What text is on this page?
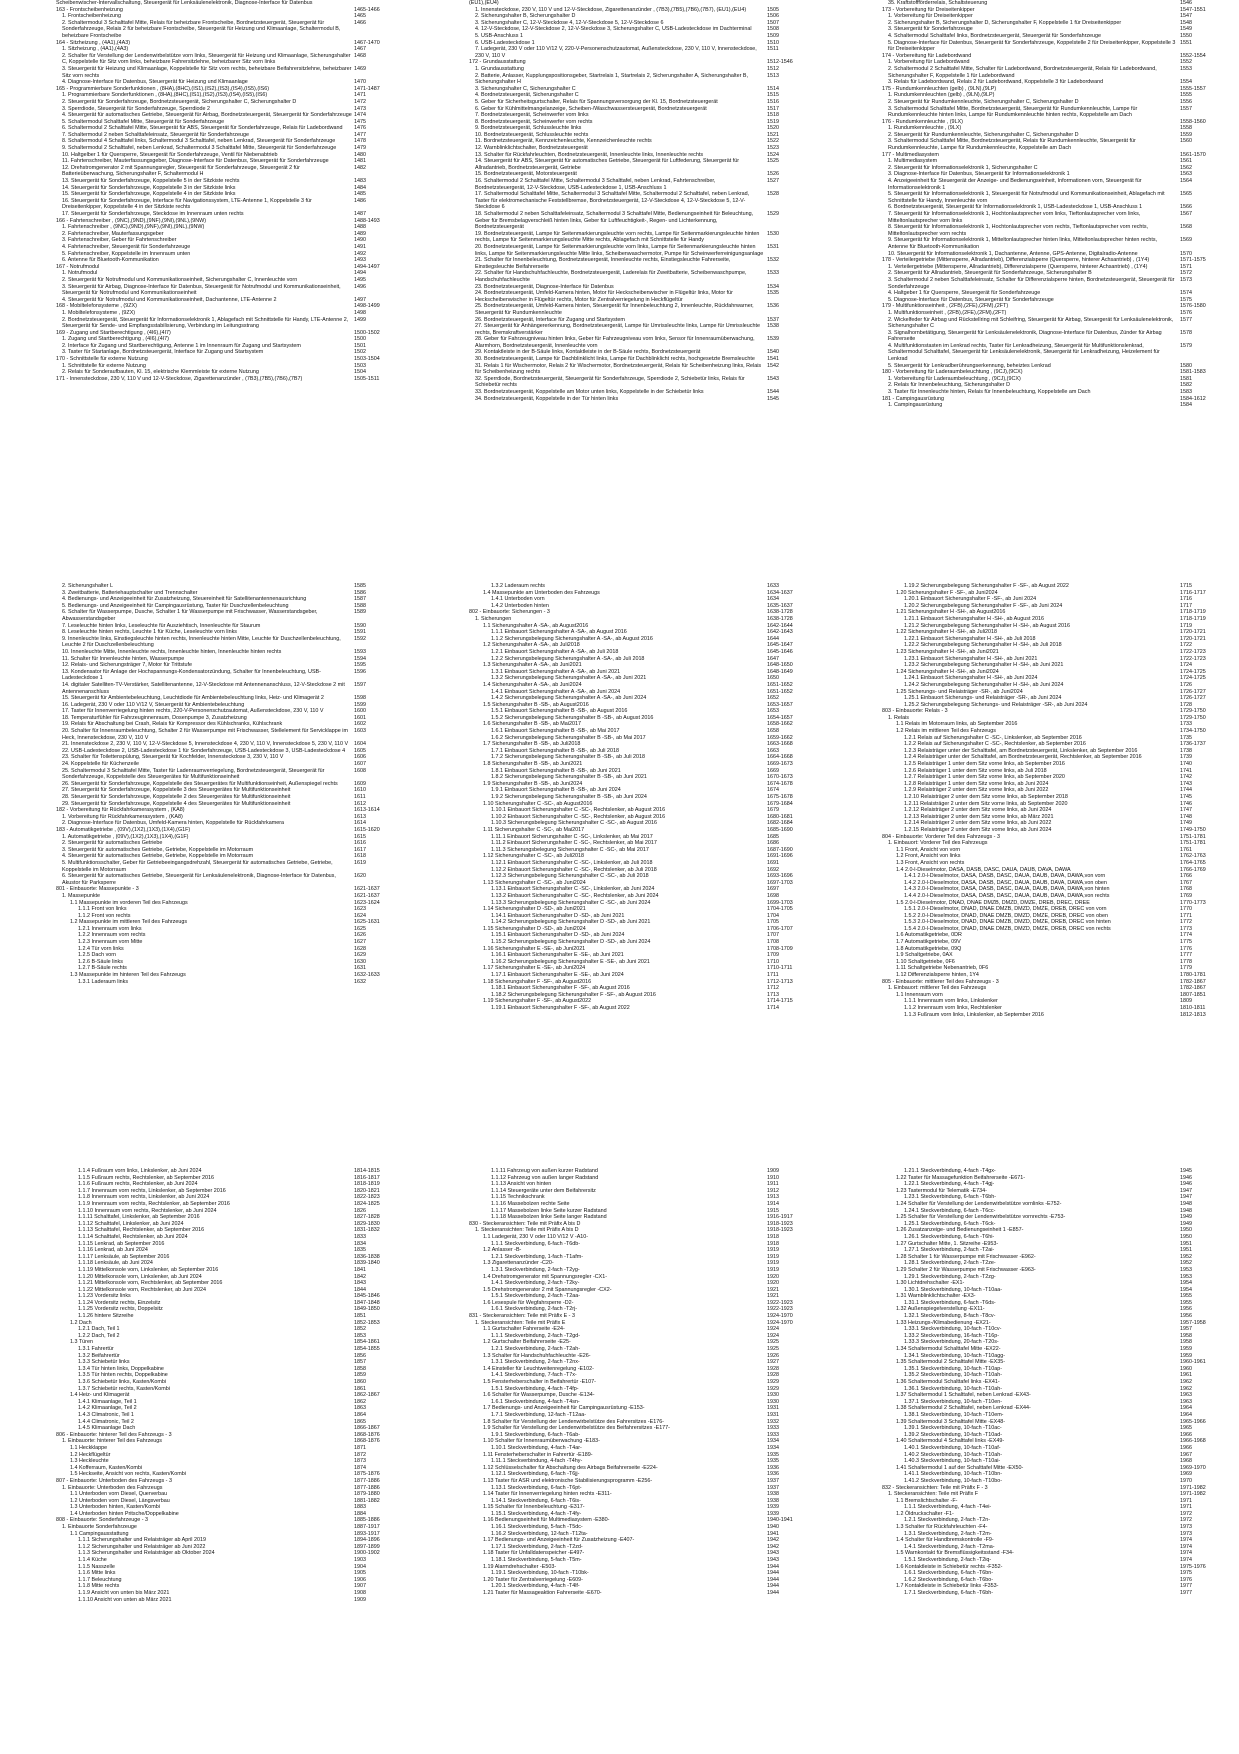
Scheibenwischer-Intervallschaltung, Steuergerät für Lenksäulenelektronik, Diagnose-Interface für Datenbus
163 - Frontscheibenheizung	1465-1466
1. Frontscheibenheizung	1465
2. Schaltermodul 3 Schalttafel Mitte, Relais für beheizbare Frontscheibe, Bordnetzsteuergerät, Steuergerät für Sonderfahrzeuge, Relais 2 für beheizbare Frontscheibe, Steuergerät für Heizung und Klimaanlage, Schaltermodul B, beheizbare Frontscheibe
1466
164 - Sitzheizung , (4A1),(4A3)	1467-1470
1. Sitzheizung , (4A1),(4A3)	1467
2. Schalter für Verstellung der Lendenwirbelstütze vorn links, Steuergerät für Heizung und Klimaanlage, Sicherungshalter C, Koppelstelle für Sitz vorn links, beheizbare Fahrersitzlehne, beheizbarer Sitz vorn links
1468
3. Steuergerät für Heizung und Klimaanlage, Koppelstelle für Sitz vorn rechts, beheizbare Beifahrersitzlehne, beheizbarer Sitz vorn rechts
1469
4. Diagnose-Interface für Datenbus, Steuergerät für Heizung und Klimaanlage	1470
165 - Programmierbare Sonderfunktionen , (8HA),(8HC),(IS1),(IS2),(IS3),(IS4),(IS5),(IS6)	1471-1487
1. Programmierbare Sonderfunktionen , (8HA),(8HC),(IS1),(IS2),(IS3),(IS4),(IS5),(IS6)	1471
2. Steuergerät für Sonderfahrzeuge, Bordnetzsteuergerät, Sicherungshalter C, Sicherungshalter D	1472
3. Sperrdiode, Steuergerät für Sonderfahrzeuge, Sperrdiode 2	1473
4. Steuergerät für automatisches Getriebe, Steuergerät für Airbag, Bordnetzsteuergerät, Steuergerät für Sonderfahrzeuge 1474
5. Schaltermodul Schalttafel Mitte, Steuergerät für Sonderfahrzeuge	1475
6. Schaltermodul 2 Schalttafel Mitte, Steuergerät für ABS, Steuergerät für Sonderfahrzeuge, Relais für Ladebordwand	1476
7. Schaltermodul 2 neben Schalttafeleinsatz, Steuergerät für Sonderfahrzeuge	1477
8. Schaltermodul 4 Schalttafel links, Schaltermodul 3 Schalttafel, neben Lenkrad, Steuergerät für Sonderfahrzeuge	1478
9. Schaltermodul 2 Schalttafel, neben Lenkrad, Schaltermodul 3 Schalttafel Mitte, Steuergerät für Sonderfahrzeuge	1479
10. Haltgelber 1 für Quersperre, Steuergerät für Sonderfahrzeuge, Ventil für Niebenabtrieb	1480
11. Fahrtenschreiber, Mauterfassungsgeber, Diagnose-Interface für Datenbus, Steuergerät für Sonderfahrzeuge	1481
12. Drehstromgenerator 2 mit Spannungsregler, Steuergerät für Sonderfahrzeuge, Steuergerät 2 für Batterieüberwachung, Sicherungshalter F, Schaltermodul H
1482
13. Steuergerät für Sonderfahrzeuge, Koppelstelle 5 in der Sitzkiste rechts	1483
14. Steuergerät für Sonderfahrzeuge, Koppelstelle 3 in der Sitzkiste links	1484
15. Steuergerät für Sonderfahrzeuge, Koppelstelle 4 in der Sitzkiste links	1485
16. Steuergerät für Sonderfahrzeuge, Interface für Navigationssystem, LTE-Antenne 1, Koppelstelle 3 für Dreiseitenkipper, Koppelstelle 4 in der Sitzkiste rechts
1486
17. Steuergerät für Sonderfahrzeuge, Steckdose im Innenraum unten rechts	1487
166 - Fahrtenschreiber , (9NC),(9ND),(9NF),(9NI),(9NL),(9NW)	1488-1493
1. Fahrtenschreiber , (9NC),(9ND),(9NF),(9NI),(9NL),(9NW)	1488
2. Fahrtenschreiber, Mauterfassungsgeber	1489
3. Fahrtenschreiber, Geber für Fahrtenschreiber	1490
4. Fahrtenschreiber, Steuergerät für Sonderfahrzeuge	1491
5. Fahrtenschreiber, Koppelstelle im Innenraum unten	1492
6. Antenne für Bluetooth-Kommunikation	1493
167 - Notrufmodul	1494-1497
1. Notrufmodul	1494
2. Steuergerät für Notrufmodul und Kommunikationseinheit, Sicherungshalter C, Innenleuchte vorn	1495
3. Steuergerät für Airbag, Diagnose-Interface für Datenbus, Steuergerät für Notrufmodul und Kommunikationseinheit, Steuergerät für Notrufmodul und Kommunikationseinheit
1496
4. Steuergerät für Notrufmodul und Kommunikationseinheit, Dachantenne, LTE-Antenne 2	1497
168 - Mobiltelefonsysteme , (9ZX)	1498-1499
1. Mobiltelefonsysteme , (9ZX)	1498
2. Bordnetzsteuergerät, Steuergerät für Informationselektronik 1, Ablagefach mit Schnittstelle für Handy, LTE-Antenne 2, Steuergerät für Sende- und Empfangsstabilisierung, Verbindung im Leitungsstrang
1499
169 - Zugang und Startberechtigung , (4I6),(4I7)	1500-1502
1. Zugang und Startberechtigung , (4I6),(4I7)	1500
2. Interface für Zugang und Startberechtigung, Antenne 1 im Innenraum für Zugang und Startsystem	1501
3. Taster für Startanlage, Bordnetzsteuergerät, Interface für Zugang und Startsystem	1502
170 - Schnittstelle für externe Nutzung	1503-1504
1. Schnittstelle für externe Nutzung	1503
2. Relais für Sonderaufbauten, Kl. 15, elektrische Klemmleiste für externe Nutzung	1504
171 - Innensteckdose, 230 V, 110 V und 12-V-Steckdose, Zigarettenanzünder , (7B3),(7B5),(7B6),(7B7)	1505-1511
(EU1),(EU4)
1. Innensteckdose, 230 V, 110 V und 12-V-Steckdose, Zigarettenanzünder , (7B3),(7B5),(7B6),(7B7), (EU1),(EU4)	1505
2. Sicherungshalter B, Sicherungshalter D	1506
3. Sicherungshalter C, 12-V-Steckdose 4, 12-V-Steckdose 5, 12-V-Steckdose 6	1507
4. 12-V-Steckdose, 12-V-Steckdose 2, 12-V-Steckdose 3, Sicherungshalter C, USB-Ladesteckdose im Dachterminal	1508
5. USB-Anschluss 1	1509
6. USB-Ladesteckdose 1	1510
7. Ladegerät, 230 V oder 110 V/12 V, 220-V-Personenschutzautomat, Außensteckdose, 230 V, 110 V, Innensteckdose, 230 V, 110 V
1511
172 - Grundausstattung	1512-1546
1. Grundausstattung	1512
2. Batterie, Anlasser, Kupplungspositionsgeber, Startrelais 1, Startrelais 2, Sicherungshalter A, Sicherungshalter B, Sicherungshalter H
1513
3. Sicherungshalter C, Sicherungshalter C	1514
4. Bordnetzsteuergerät, Sicherungshalter C	1515
5. Geber für Sicherheitsgurtschalter, Relais für Spannungsversorgung der Kl. 15, Bordnetzsteuergerät	1516
6. Geber für Kühlmittelmangelanzeige, Scheiben-/Waschwassersteuergerät, Bordnetzsteuergerät	1517
7. Bordnetzsteuergerät, Scheinwerfer vorn links	1518
8. Bordnetzsteuergerät, Scheinwerfer vorn rechts	1519
9. Bordnetzsteuergerät, Schlussleuchte links	1520
10. Bordnetzsteuergerät, Schlussleuchte rechts	1521
11. Bordnetzsteuergerät, Kennzeichenleuchte, Kennzeichenleuchte rechts	1522
12. Warnblinklichtschalter, Bordnetzsteuergerät	1523
13. Schalter für Rückfahrleuchten, Bordnetzsteuergerät, Innenleuchte links, Innenleuchte rechts	1524
14. Steuergerät für ABS, Steuergerät für automatisches Getriebe, Steuergerät für Luftfederung, Steuergerät für Allradantrieb, Bordnetzsteuergerät, Getriebe
1525
15. Bordnetzsteuergerät, Motorsteuergerät	1526
16. Schaltermodul 2 Schalttafel Mitte, Schaltermodul 3 Schalttafel, neben Lenkrad, Fahrtenschreiber, Bordnetzsteuergerät, 12-V-Steckdose, USB-Ladesteckdose 1, USB-Anschluss 1
1527
17. Schaltermodul Schalttafel Mitte, Schaltermodul 3 Schalttafel Mitte, Schaltermodul 2 Schalttafel, neben Lenkrad, Taster für elektromechanische Feststellbremse, Bordnetzsteuergerät, 12-V-Steckdose 4, 12-V-Steckdose 5, 12-V-Steckdose 6
1528
18. Schaltermodul 2 neben Schalttafeleinsatz, Schaltermodul 3 Schalttafel Mitte, Bedienungseinheit für Beleuchtung, Geber für Bremsbelagverschleiß hinten links, Geber für Luftfeuchtigkeit-, Regen- und Lichterkennung, Bordnetzsteuergerät
1529
19. Bordnetzsteuergerät, Lampe für Seitenmarkierungsleuchte vorn rechts, Lampe für Seitenmarkierungsleuchte hinten rechts, Lampe für Seitenmarkierungsleuchte Mitte rechts, Ablagefach mit Schnittstelle für Handy
1530
20. Bordnetzsteuergerät, Lampe für Seitenmarkierungsleuchte vorn links, Lampe für Seitenmarkierungsleuchte hinten links, Lampe für Seitenmarkierungsleuchte Mitte links, Scheibenwaschermotor, Pumpe für Scheinwerferreinigungsanlage
1531
21. Schalter für Innenbeleuchtung, Bordnetzsteuergerät, Innenleuchte rechts, Einstiegsleuchte Fahrerseite, Einstiegsleuchte Beifahrerseite
1532
22. Schalter für Handschuhfachleuchte, Bordnetzsteuergerät, Laderelais für Zweitbatterie, Scheibenwaschpumpe, Handschuhfachleuchte
1533
23. Bordnetzsteuergerät, Diagnose-Interface für Datenbus	1534
24. Bordnetzsteuergerät, Umfeld-Kamera hinten, Motor für Heckscheibenwischer in Flügeltür links, Motor für Heckscheibenwischer in Flügeltür rechts, Motor für Zentralverriegelung in Heckflügeltür
1535
25. Bordnetzsteuergerät, Umfeld-Kamera hinten, Steuergerät für Innenbeleuchtung 2, Innenleuchte, Rückfahrwarner, Steuergerät für Rundumkennleuchte
1536
26. Bordnetzsteuergerät, Interface für Zugang und Startsystem	1537
27. Steuergerät für Anhängererkennung, Bordnetzsteuergerät, Lampe für Umrissleuchte links, Lampe für Umrissleuchte rechts, Bremskraftverstärker
1538
28. Geber für Fahrzeugniveau hinten links, Geber für Fahrzeugniveau vorn links, Sensor für Innenraumüberwachung, Alarmhorn, Bordnetzsteuergerät, Innenleuchte vorn
1539
29. Kontaktleiste in der B-Säule links, Kontaktleiste in der B-Säule rechts, Bordnetzsteuergerät	1540
30. Bordnetzsteuergerät, Lampe für Dachblinklicht links, Lampe für Dachblinklicht rechts, hochgesetzte Bremsleuchte	1541
31. Relais 1 für Wischermotor, Relais 2 für Wischermotor, Bordnetzsteuergerät, Relais für Scheibenheizung links, Relais für Scheibenheizung rechts
1542
32. Sperrdiode, Bordnetzsteuergerät, Steuergerät für Sonderfahrzeuge, Sperrdiode 2, Schiebetür links, Relais für Schiebetür rechts
1543
33. Bordnetzsteuergerät, Koppelstelle am Motor unten links, Koppelstelle in der Schiebetür links	1544
34. Bordnetzsteuergerät, Koppelstelle in der Tür hinten links	1545
35. Kraftstoffförderrelais, Schaltsteuerung	1546
173 - Vorbereitung für Dreiseitenkipper	1547-1551
1. Vorbereitung für Dreiseitenkipper	1547
2. Sicherungshalter B, Sicherungshalter D, Sicherungshalter F, Koppelstelle 1 für Dreiseitenkipper	1548
3. Steuergerät für Sonderfahrzeuge	1549
4. Schaltermodul Schalttafel links, Bordnetzsteuergerät, Steuergerät für Sonderfahrzeuge	1550
5. Diagnose-Interface für Datenbus, Steuergerät für Sonderfahrzeuge, Koppelstelle 2 für Dreiseitenkipper, Koppelstelle 3 für Dreiseitenkipper
1551
174 - Vorbereitung für Ladebordwand	1552-1554
1. Vorbereitung für Ladebordwand	1552
2. Schaltermodul 2 Schalttafel Mitte, Schalter für Ladebordwand, Bordnetzsteuergerät, Relais für Ladebordwand, Sicherungshalter F, Koppelstelle 1 für Ladebordwand
1553
3. Relais für Ladebordwand, Relais 2 für Ladebordwand, Koppelstelle 3 für Ladebordwand	1554
175 - Rundumkennleuchten (gelb) , (9LN),(9LP)	1555-1557
1. Rundumkennleuchten (gelb) , (9LN),(9LP)	1555
2. Steuergerät für Rundumkennleuchte, Sicherungshalter C, Sicherungshalter D	1556
3. Schaltermodul Schalttafel Mitte, Bordnetzsteuergerät, Steuergerät für Rundumkennleuchte, Lampe für Rundumkennleuchte hinten links, Lampe für Rundumkennleuchte hinten rechts, Koppelstelle am Dach
1557
176 - Rundumkennleuchte , (9LX)	1558-1560
1. Rundumkennleuchte , (9LX)	1558
2. Steuergerät für Rundumkennleuchte, Sicherungshalter C, Sicherungshalter D	1559
3. Schaltermodul Schalttafel Mitte, Bordnetzsteuergerät, Relais für Rundumkennleuchte, Steuergerät für Rundumkennleuchte, Lampe für Rundumkennleuchte, Koppelstelle am Dach
1560
177 - Multimediasystem	1561-1570
1. Multimediasystem	1561
2. Steuergerät für Informationselektronik 1, Sicherungshalter C	1562
3. Diagnose-Interface für Datenbus, Steuergerät für Informationselektronik 1	1563
4. Anzeigeeinheit für Steuergerät der Anzeige- und Bedienungseinheit, Informationen vorn, Steuergerät für Informationselektronik 1
1564
5. Steuergerät für Informationselektronik 1, Steuergerät für Notrufmodul und Kommunikationseinheit, Ablagefach mit Schnittstelle für Handy, Innenleuchte vorn
1565
6. Bordnetzsteuergerät, Steuergerät für Informationselektronik 1, USB-Ladesteckdose 1, USB-Anschluss 1	1566
7. Steuergerät für Informationselektronik 1, Hochtonlautsprecher vorn links, Tieftonlautsprecher vorn links, Mitteltonlautsprecher vorn links
1567
8. Steuergerät für Informationselektronik 1, Hochtonlautsprecher vorn rechts, Tieftonlautsprecher vorn rechts, Mitteltonlautsprecher vorn rechts
1568
9. Steuergerät für Informationselektronik 1, Mitteltonlautsprecher hinten links, Mitteltonlautsprecher hinten rechts, Antenne für Bluetooth-Kommunikation
1569
10. Steuergerät für Informationselektronik 1, Dachantenne, Antenne, GPS-Antenne, Digitalradio-Antenne	1570
178 - Verteilergetriebe (Mittensperre, Allradantrieb), Differenzialsperre (Quersperre, hinterer Achsantrieb) , (1Y4)	1571-1575
1. Verteilergetriebe (Mittensperre, Allradantrieb), Differenzialsperre (Quersperre, hinterer Achsantrieb) , (1Y4)	1571
2. Steuergerät für Allradantrieb, Steuergerät für Sonderfahrzeuge, Sicherungshalter B	1572
3. Schaltermodul 2 neben Schalttafeleinsatz, Schalter für Differenzialsperre hinten, Bordnetzsteuergerät, Steuergerät für Sonderfahrzeuge
1573
4. Haltgeber 1 für Quersperre, Steuergerät für Sonderfahrzeuge	1574
5. Diagnose-Interface für Datenbus, Steuergerät für Sonderfahrzeuge	1575
179 - Multifunktionseinheit , (2FB),(2FE),(2FM),(2FT)	1576-1580
1. Multifunktionseinheit , (2FB),(2FE),(2FM),(2FT)	1576
2. Wickelfeder für Airbag und Rückstellring mit Schleifring, Steuergerät für Airbag, Steuergerät für Lenksäulenelektronik, Sicherungshalter C
1577
3. Signalhornbetätigung, Steuergerät für Lenksäulenelektronik, Diagnose-Interface für Datenbus, Zünder für Airbag Fahrerseite
1578
4. Multifunktionstasten im Lenkrad rechts, Taster für Lenkradheizung, Steuergerät für Multifunktionslenkrad, Schaltermodul Schalttafel, Steuergerät für Lenksäulenelektronik, Steuergerät für Lenkradheizung, Heizelement für Lenkrad
1579
5. Steuergerät für Lenkradberührungserkennung, beheiztes Lenkrad	1580
180 - Vorbereitung für Laderaumbeleuchtung , (9CJ),(9CX)	1581-1583
1. Vorbereitung für Laderaumbeleuchtung , (9CJ),(9CX)	1581
2. Relais für Innenbeleuchtung, Sicherungshalter D	1582
3. Taster für Innenleuchte hinten, Relais für Innenbeleuchtung, Koppelstelle am Dach	1583
181 - Campingausrüstung	1584-1612
1. Campingausrüstung	1584
2. Sicherungshalter L	1585
3. Zweitbatterie, Batteriehauptschalter und Trennschalter	1586
4. Bedienungs- und Anzeigeeinheit für Zusatzheizung, Steuereinheit für Satellitenantennenausrichtung	1587
5. Bedienungs- und Anzeigeeinheit für Campingausrüstung, Taster für Duschzellenbeleuchtung	1588
6. Schalter für Wasserpumpe, Dusche, Schalter 1 für Wasserpumpe mit Frischwasser, Wasserstandsgeber, Abwasserstandsgeber
1589
7. Leseleuchte hinten links, Leseleuchte für Ausziehtisch, Innenleuchte für Staurum	1590
8. Leseleuchte hinten rechts, Leuchte 1 für Küche, Leseleuchte vorn links	1591
9. Innenleuchte links, Einstiegsleuchte hinten rechts, Innenleuchte hinten Mitte, Leuchte für Duschzellenbeleuchtung, Leuchte 2 für Duschzellenbeleuchtung
1592
10. Innenleuchte Mitte, Innenleuchte rechts, Innenleuchte hinten, Innenleuchte hinten rechts	1593
11. Schalter für Innenleuchte hinten, Wasserpumpe	1594
12. Relais- und Sicherungsträger 7, Motor für Trittstufe	1595
13. Kondensator für Anlage der Hochspannungs-Kondensatorzündung, Schalter für Innenbeleuchtung, USB-Ladesteckdose 1
1596
14. digitaler Satelliten-TV-Verstärker, Satellitenantenne, 12-V-Steckdose mit Antennenanschluss, 12-V-Steckdose 2 mit Antennenanschluss
1597
15. Steuergerät für Ambientebeleuchtung, Leuchtdiode für Ambientebeleuchtung links, Heiz- und Klimagerät 2	1598
16. Ladegerät, 230 V oder 110 V/12 V, Steuergerät für Ambientebeleuchtung	1599
17. Taster für Innenverriegelung hinten rechts, 220-V-Personenschutzautomat, Außensteckdose, 230 V, 110 V	1600
18. Temperaturfühler für Fahrzeuginnenraum, Dosenpumpe 3, Zusatzheizung	1601
19. Relais für Abschaltung bei Crash, Relais für Kompressor des Kühlschranks, Kühlschrank	1602
20. Schalter für Innenraumbeleuchtung, Schalter 2 für Wasserpumpe mit Frischwasser, Stellelement für Servicklappe im Heck, Innensteckdose, 230 V, 110 V
1603
21. Innensteckdose 2, 230 V, 110 V, 12-V-Steckdose 5, Innensteckdose 4, 230 V, 110 V, Innensteckdose 5, 230 V, 110 V	1604
22. USB-Ladesteckdose 2, USB-Ladesteckdose 1 für Sonderfahrzeuge, USB-Ladesteckdose 3, USB-Ladesteckdose 4	1605
23. Schalter für Toilettenspülung, Steuergerät für Kochfelder, Innensteckdose 3, 230 V, 110 V	1606
24. Koppelstelle für Küchenzeile	1607
25. Schaltermodul 3 Schalttafel Mitte, Taster für Ladenraumverriegelung, Bordnetzsteuergerät, Steuergerät für Sonderfahrzeuge, Koppelstelle des Steuergerätes für Multifunktionseinheit
1608
26. Steuergerät für Sonderfahrzeuge, Koppelstelle des Steuergerätes für Multifunktionseinheit, Außenspiegel rechts	1609
27. Steuergerät für Sonderfahrzeuge, Koppelstelle 3 des Steuergerätes für Multifunktionseinheit	1610
28. Steuergerät für Sonderfahrzeuge, Koppelstelle 2 des Steuergerätes für Multifunktionseinheit	1611
29. Steuergerät für Sonderfahrzeuge, Koppelstelle 4 des Steuergerätes für Multifunktionseinheit	1612
182 - Vorbereitung für Rückfahrkamerasystem , (KA8)	1613-1614
1. Vorbereitung für Rückfahrkamerasystem , (KA8)	1613
2. Diagnose-Interface für Datenbus, Umfeld-Kamera hinten, Koppelstelle für Rückfahrkamera	1614
183 - Automatikgetriebe , (09V),(1X2),(1X3),(1X4),(G1F)	1615-1620
1. Automatikgetriebe , (09V),(1X2),(1X3),(1X4),(G1F)	1615
2. Steuergerät für automatisches Getriebe	1616
3. Steuergerät für automatisches Getriebe, Getriebe, Koppelstelle im Motorraum	1617
4. Steuergerät für automatisches Getriebe, Getriebe, Koppelstelle im Motorraum	1618
5. Multifunktionsschalter, Geber für Getriebeeingangsdrehzahl, Steuergerät für automatisches Getriebe, Getriebe, Koppelstelle im Motorraum
1619
6. Steuergerät für automatisches Getriebe, Steuergerät für Lenksäulenelektronik, Diagnose-Interface für Datenbus, Akustor für Parksperre
1620
801 - Einbauorte: Massepunkte - 3	1621-1637
1. Massepunkte	1621-1637
1.1 Massepunkte im vorderen Teil des Fahrzeugs	1623-1624
1.1.1 Front von links	1623
1.1.2 Front von rechts	1624
1.2 Massepunkte im mittleren Teil des Fahrzeugs	1625-1631
1.2.1 Innenraum vorn links	1625
1.2.2 Innenraum vorn rechts	1626
1.2.3 Innenraum vorn Mitte	1627
1.2.4 Tür vorn links	1628
1.2.5 Dach vorn	1629
1.2.6 B-Säule links	1630
1.2.7 B-Säule rechts	1631
1.3 Massepunkte im hinteren Teil des Fahrzeugs	1632-1633
1.3.1 Laderaum links	1632
1.3.2 Laderaum rechts	1633
1.4 Massepunkte am Unterboden des Fahrzeugs	1634-1637
1.4.1 Unterboden vorn	1634
1.4.2 Unterboden hinten	1635-1637
802 - Einbauorte: Sicherungen - 3	1638-1728
1. Sicherungen	1638-1728
1.1 Sicherungshalter A -SA-, ab August2016	1642-1644
1.1.1 Einbauort Sicherungshalter A -SA-, ab August 2016	1642-1643
1.1.2 Sicherungsbelegung Sicherungshalter A -SA-, ab August 2016	1644
1.2 Sicherungshalter A -SA-, ab Juli2018	1645-1647
1.2.1 Einbauort Sicherungshalter A -SA-, ab Juli 2018	1645-1646
1.2.2 Sicherungsbelegung Sicherungshalter A -SA-, ab Juli 2018	1647
1.3 Sicherungshalter A -SA-, ab Juni2021	1648-1650
1.3.1 Einbauort Sicherungshalter A -SA-, ab Juni 2021	1648-1649
1.3.2 Sicherungsbelegung Sicherungshalter A -SA-, ab Juni 2021	1650
1.4 Sicherungshalter A -SA-, ab Juni2024	1651-1652
1.4.1 Einbauort Sicherungshalter A -SA-, ab Juni 2024	1651-1652
1.4.2 Sicherungsbelegung Sicherungshalter A -SA-, ab Juni 2024	1652
1.5 Sicherungshalter B -SB-, ab August2016	1653-1657
1.5.1 Einbauort Sicherungshalter B -SB-, ab August 2016	1653
1.5.2 Sicherungsbelegung Sicherungshalter B -SB-, ab August 2016	1654-1657
1.6 Sicherungshalter B -SB-, ab Mai2017	1658-1662
1.6.1 Einbauort Sicherungshalter B -SB-, ab Mai 2017	1658
1.6.2 Sicherungsbelegung Sicherungshalter B -SB-, ab Mai 2017	1659-1662
1.7 Sicherungshalter B -SB-, ab Juli2018	1663-1668
1.7.1 Einbauort Sicherungshalter B -SB-, ab Juli 2018	1663
1.7.2 Sicherungsbelegung Sicherungshalter B -SB-, ab Juli 2018	1664-1668
1.8 Sicherungshalter B -SB-, ab Juni2021	1669-1673
1.8.1 Einbauort Sicherungshalter B -SB-, ab Juni 2021	1669
1.8.2 Sicherungsbelegung Sicherungshalter B -SB-, ab Juni 2021	1670-1673
1.9 Sicherungshalter B -SB-, ab Juni2024	1674-1678
1.9.1 Einbauort Sicherungshalter B -SB-, ab Juni 2024	1674
1.9.2 Sicherungsbelegung Sicherungshalter B -SB-, ab Juni 2024	1675-1678
1.10 Sicherungshalter C -SC-, ab August2016	1679-1684
1.10.1 Einbauort Sicherungshalter C -SC-, Rechtslenker, ab August 2016	1679
1.10.2 Einbauort Sicherungshalter C -SC-, Rechtslenker, ab August 2016	1680-1681
1.10.3 Sicherungsbelegung Sicherungshalter C -SC-, ab August 2016	1682-1684
1.11 Sicherungshalter C -SC-, ab Mai2017	1685-1690
1.11.1 Einbauort Sicherungshalter C -SC-, Linkslenker, ab Mai 2017	1685
1.11.2 Einbauort Sicherungshalter C -SC-, Rechtslenker, ab Mai 2017	1686
1.11.3 Sicherungsbelegung Sicherungshalter C -SC-, ab Mai 2017	1687-1690
1.12 Sicherungshalter C -SC-, ab Juli2018	1691-1696
1.12.1 Einbauort Sicherungshalter C -SC-, Linkslenker, ab Juli 2018	1691
1.12.2 Einbauort Sicherungshalter C -SC-, Rechtslenker, ab Juli 2018	1692
1.12.3 Sicherungsbelegung Sicherungshalter C -SC-, ab Juli 2018	1693-1696
1.13 Sicherungshalter C -SC-, ab Juni2024	1697-1703
1.13.1 Einbauort Sicherungshalter C -SC-, Linkslenker, ab Juni 2024	1697
1.13.2 Einbauort Sicherungshalter C -SC-, Rechtslenker, ab Juni 2024	1698
1.13.3 Sicherungsbelegung Sicherungshalter C -SC-, ab Juni 2024	1699-1703
1.14 Sicherungshalter D -SD-, ab Juni2021	1704-1705
1.14.1 Einbauort Sicherungshalter D -SD-, ab Juni 2021	1704
1.14.2 Sicherungsbelegung Sicherungshalter D -SD-, ab Juni 2021	1705
1.15 Sicherungshalter D -SD-, ab Juni2024	1706-1707
1.15.1 Einbauort Sicherungshalter D -SD-, ab Juni 2024	1707
1.15.2 Sicherungsbelegung Sicherungshalter D -SD-, ab Juni 2024	1708
1.16 Sicherungshalter E -SE-, ab Juni2021	1708-1709
1.16.1 Einbauort Sicherungshalter E -SE-, ab Juni 2021	1709
1.16.2 Sicherungsbelegung Sicherungshalter E -SE-, ab Juni 2021	1710
1.17 Sicherungshalter E -SE-, ab Juni2024	1710-1711
1.17.1 Einbauort Sicherungshalter E -SE-, ab Juni 2024	1711
1.18 Sicherungshalter F -SF-, ab August2016	1712-1713
1.18.1 Einbauort Sicherungshalter F -SF-, ab August 2016	1712
1.18.2 Sicherungsbelegung Sicherungshalter F -SF-, ab August 2016	1713
1.19 Sicherungshalter F -SF-, ab August2022	1714-1715
1.19.1 Einbauort Sicherungshalter F -SF-, ab August 2022	1714
1.19.2 Sicherungsbelegung Sicherungshalter F -SF-, ab August 2022	1715
1.20 Sicherungshalter F -SF-, ab Juni2024	1716-1717
1.20.1 Einbauort Sicherungshalter F -SF-, ab Juni 2024	1716
1.20.2 Sicherungsbelegung Sicherungshalter F -SF-, ab Juni 2024	1717
1.21 Sicherungshalter H -SH-, ab August2016	1718-1719
1.21.1 Einbauort Sicherungshalter H -SH-, ab August 2016	1718-1719
1.21.2 Sicherungsbelegung Sicherungshalter H -SH-, ab August 2016	1719
1.22 Sicherungshalter H -SH-, ab Juli2018	1720-1721
1.22.1 Einbauort Sicherungshalter H -SH-, ab Juli 2018	1720-1721
1.22.2 Sicherungsbelegung Sicherungshalter H -SH-, ab Juli 2018	1722
1.23 Sicherungshalter H -SH-, ab Juni2021	1722-1723
1.23.1 Einbauort Sicherungshalter H -SH-, ab Juni 2021	1722-1723
1.23.2 Sicherungsbelegung Sicherungshalter H -SH-, ab Juni 2021	1724
1.24 Sicherungshalter H -SH-, ab Juni2024	1724-1725
1.24.1 Einbauort Sicherungshalter H -SH-, ab Juni 2024	1724-1725
1.24.2 Sicherungsbelegung Sicherungshalter H -SH-, ab Juni 2024	1726
1.25 Sicherungs- und Relaisträger -SR-, ab Juni2024	1726-1727
1.25.1 Einbauort Sicherungs- und Relaisträger -SR-, ab Juni 2024	1726-1727
1.25.2 Sicherungsbelegung Sicherungs- und Relaisträger -SR-, ab Juni 2024	1728
803 - Einbauorte: Relais - 3	1729-1750
1. Relais	1729-1750
1.1 Relais im Motorraum links, ab September 2016	1733
1.2 Relais im mittleren Teil des Fahrzeugs	1734-1750
1.2.1 Relais auf Sicherungshalter C -SC-, Linkslenker, ab September 2016	1735
1.2.2 Relais auf Sicherungshalter C -SC-, Rechtslenker, ab September 2016	1736-1737
1.2.3 Relaisträger unter der Schalttafel, am Bordnetzsteuergerät, Linkslenker, ab September 2016	1738
1.2.4 Relaisträger unter der Schalttafel, am Bordnetzsteuergerät, Rechtslenker, ab September 2016	1739
1.2.5 Relaisträger 1 unter dem Sitz vorne links, ab September 2016	1740
1.2.6 Relaisträger 1 unter dem Sitz vorne links, ab Juli 2018	1741
1.2.7 Relaisträger 1 unter dem Sitz vorne links, ab September 2020	1742
1.2.8 Relaisträger 1 unter dem Sitz vorne links, ab Juni 2024	1743
1.2.9 Relaisträger 2 unter dem Sitz vorne links, ab Juni 2022	1744
1.2.10 Relaisträger 2 unter dem Sitz vorne links, ab September 2018	1745
1.2.11 Relaisträger 2 unter dem Sitz vorne links, ab September 2020	1746
1.2.12 Relaisträger 2 unter dem Sitz vorne links, ab Juni 2024	1747
1.2.13 Relaisträger 2 unter dem Sitz vorne links, ab März 2021	1748
1.2.14 Relaisträger 2 unter dem Sitz vorne links, ab Juni 2022	1749
1.2.15 Relaisträger 2 unter dem Sitz vorne links, ab Juni 2024	1749-1750
804 - Einbauorte: Vorderer Teil des Fahrzeugs - 3	1751-1781
1. Einbauort: Vorderer Teil des Fahrzeugs	1751-1781
1.1 Front, Ansicht von vorn	1761
1.2 Front, Ansicht von links	1762-1763
1.3 Front, Ansicht von rechts	1764-1765
1.4 2.0-l-Dieselmotor, DASA, DASB, DASC, DAUA, DAUB, DAVA, DAWA	1766-1769
1.4.1 2.0-l-Dieselmotor, DASA, DASB, DASC, DAUA, DAUB, DAVA, DAWA,von vorn	1766
1.4.2 2.0-l-Dieselmotor, DASA, DASB, DASC, DAUA, DAUB, DAVA, DAWA,von oben	1767
1.4.3 2.0-l-Dieselmotor, DASA, DASB, DASC, DAUA, DAUB, DAVA, DAWA,von hinten	1768
1.4.4 2.0-l-Dieselmotor, DASA, DASB, DASC, DAUA, DAUB, DAVA, DAWA,von rechts	1769
1.5 2.0-l-Dieselmotor, DNAD, DNAE DMZB, DMZD, DMZE, DREB, DREC, DREE	1770-1773
1.5.1 2.0-l-Dieselmotor, DNAD, DNAE DMZB, DMZD, DMZE, DREB, DREC von vorn	1770
1.5.2 2.0-l-Dieselmotor, DNAD, DNAE DMZB, DMZD, DMZE, DREB, DREC von oben	1771
1.5.3 2.0-l-Dieselmotor, DNAD, DNAE DMZB, DMZD, DMZE, DREB, DREC von hinten	1772
1.5.4 2.0-l-Dieselmotor, DNAD, DNAE DMZB, DMZD, DMZE, DREB, DREC von rechts	1773
1.6 Automatikgetriebe, 0DR	1774
1.7 Automatikgetriebe, 09V	1775
1.8 Automatikgetriebe, 09Q	1776
1.9 Schaltgetriebe, 0AX	1777
1.10 Schaltgetriebe, 0F6	1778
1.11 Schaltgetriebe Nebenantrieb, 0F6	1779
1.12 Differenzialsperre hinten, 1Y4	1780-1781
805 - Einbauorte: mittlerer Teil des Fahrzeugs - 3	1782-1867
1. Einbauort: mittlerer Teil des Fahrzeugs	1782-1867
1.1 Innenraum vorn	1807-1851
1.1.1 Innenraum vorn links, Linkslenker	1809
1.1.2 Innenraum vorn links, Rechtslenker	1810-1811
1.1.3 Fußraum vorn links, Linkslenker, ab September 2016	1812-1813
1.1.4 Fußraum vorn links, Linkslenker, ab Juni 2024	1814-1815
1.1.5 Fußraum rechts, Rechtslenker, ab September 2016	1816-1817
1.1.6 Fußraum rechts, Rechtslenker, ab Juni 2024	1818-1819
1.1.7 Innenraum vorn rechts, Linkslenker, ab September 2016	1820-1821
1.1.8 Innenraum vorn rechts, Linkslenker, ab Juni 2024	1822-1823
1.1.9 Innenraum vorn rechts, Rechtslenker, ab September 2016	1824-1825
1.1.10 Innenraum vorn rechts, Rechtslenker, ab Juni 2024	1826
1.1.11 Schalttafel, Linkslenker, ab September 2016	1827-1828
1.1.12 Schalttafel, Linkslenker, ab Juni 2024	1829-1830
1.1.13 Schalttafel, Rechtslenker, ab September 2016	1831-1832
1.1.14 Schalttafel, Rechtslenker, ab Juni 2024	1833
1.1.15 Lenkrad, ab September 2016	1834
1.1.16 Lenkrad, ab Juni 2024	1835
1.1.17 Lenksäule, ab September 2016	1836-1838
1.1.18 Lenksäule, ab Juni 2024	1839-1840
1.1.19 Mittelkonsole vorn, Linkslenker, ab September 2016	1841
1.1.20 Mittelkonsole vorn, Linkslenker, ab Juni 2024	1842
1.1.21 Mittelkonsole vorn, Rechtslenker, ab September 2016	1843
1.1.22 Mittelkonsole vorn, Rechtslenker, ab Juni 2024	1844
1.1.23 Vordersitz links	1845-1846
1.1.24 Vordersitz rechts, Einzelsitz	1847-1848
1.1.25 Vordersitz rechts, Doppelsitz	1849-1850
1.1.26 hintere Sitzreihe	1851
1.2 Dach	1852-1853
1.2.1 Dach, Teil 1	1852
1.2.2 Dach, Teil 2	1853
1.3 Türen	1854-1861
1.3.1 Fahrertür	1854-1855
1.3.2 Beifahrertür	1856
1.3.3 Schiebetür links	1857
1.3.4 Tür hinten links, Doppelkabine	1858
1.3.5 Tür hinten rechts, Doppelkabine	1859
1.3.6 Schiebetür links, Kasten/Kombi	1860
1.3.7 Schiebetür rechts, Kasten/Kombi	1861
1.4 Heiz- und Klimagerät	1862-1867
1.4.1 Klimaanlage, Teil 1	1862
1.4.2 Klimaanlage, Teil 2	1863
1.4.3 Climatronic, Teil 1	1864
1.4.4 Climatronic, Teil 2	1865
1.4.5 Klimaanlage Dach	1866-1867
806 - Einbauorte: hinterer Teil des Fahrzeugs - 3	1868-1876
1. Einbauorte: hinterer Teil des Fahrzeugs	1868-1876
1.1 Heckklappe	1871
1.2 Heckflügeltür	1872
1.3 Heckleuchte	1873
1.4 Kofferraum, Kasten/Kombi	1874
1.5 Heckseite, Ansicht von rechts, Kasten/Kombi	1875-1876
807 - Einbauorte: Unterboden des Fahrzeugs - 3	1877-1886
1. Einbauorte: Unterboden des Fahrzeugs	1877-1886
1.1 Unterboden vorn Diesel, Querverbau	1879-1880
1.2 Unterboden vorn Diesel, Längsverbau	1881-1882
1.3 Unterboden hinten, Kasten/Kombi	1883
1.4 Unterboden hinten Pritsche/Doppelkabine	1884
808 - Einbauorte: Sonderfahrzeuge - 3	1885-1886
1. Einbauorte Sonderfahrzeuge	1887-1917
1.1 Campingausstattung	1893-1917
1.1.1 Sicherungshalter und Relaisträger ab April 2019	1894-1896
1.1.2 Sicherungshalter und Relaisträger ab Juni 2022	1897-1899
1.1.3 Sicherungshalter und Relaisträger ab Oktober 2024	1900-1902
1.1.4 Küche	1903
1.1.5 Nasszelle	1904
1.1.6 Mitte links	1905
1.1.7 Beleuchtung	1906
1.1.8 Mitte rechts	1907
1.1.9 Ansicht von unten bis März 2021	1908
1.1.10 Ansicht von unten ab März 2021	1909
1.1.11 Fahrzeug von außen kurzer Radstand	1909
1.1.12 Fahrzeug von außen langer Radstand	1910
1.1.13 Ansicht von hinten	1911
1.1.14 Steuergeräte unter dem Beifahrersitz	1912
1.1.15 Technikschrank	1913
1.1.16 Massebolzen rechte Seite	1914
1.1.17 Massebolzen linke Seite kurzer Radstand	1915
1.1.18 Massebolzen linke Seite langer Radstand	1916-1917
830 - Steckeransichten: Teile mit Präfix A bis D	1918-1923
1. Steckeransichten: Teile mit Präfix A bis D	1918-1923
1.1 Ladegerät, 230 V oder 110 V/12 V -A10-	1918
1.1.1 Steckverbindung, 6-fach -T6db-	1918
1.2 Anlasser -B-	1919
1.2.1 Steckverbindung, 1-fach -T1afm-	1919
1.3 Zigarettenanzünder -C20-	1919
1.3.1 Steckverbindung, 2-fach -T2yg-	1919
1.4 Drehstromgenerator mit Spannungsregler -CX1-	1920
1.4.1 Steckverbindung, 2-fach -T2ky-	1920
1.5 Drehstromgenerator 2 mit Spannungsregler -CX2-	1921
1.5.1 Steckverbindung, 2-fach -T2aa-	1921
1.6 Lesespule für Wegfahrsperre -D2-	1922-1923
1.6.1 Steckverbindung, 2-fach -T2rj-	1922-1923
831 - Steckeransichten: Teile mit Präfix E - 3	1924-1970
1. Steckeransichten: Teile mit Präfix E	1924-1970
1.1 Gurtschalter Fahrerseite -E24-	1924
1.1.1 Steckverbindung, 2-fach -T2gd-	1924
1.2 Gurtschalter Beifahrerseite -E25-	1925
1.2.1 Steckverbindung, 2-fach -T2ah-	1925
1.3 Schalter für Handschuhfachleuchte -E26-	1926
1.3.1 Steckverbindung, 2-fach -T2nx-	1927
1.4 Einsteller für Leuchtweitenregelung -E102-	1928
1.4.1 Steckverbindung, 7-fach -T7x-	1928
1.5 Fensterheberschalter in Beifahrertür -E107-	1929
1.5.1 Steckverbindung, 4-fach -T4fp-	1929
1.6 Schalter für Wasserpumpe, Dusche -E134-	1930
1.6.1 Steckverbindung, 4-fach -T4sn-	1930
1.7 Bedienungs- und Anzeigeeinheit für Campingausrüstung -E153-	1931
1.7.1 Steckverbindung, 12-fach -T12aa-	1931
1.8 Schalter für Verstellung der Lendenwirbelstütze des Fahrersitzes -E176-	1932
1.9 Schalter für Verstellung der Lendenwirbelstütze des Beifahrersitzes -E177-	1933
1.9.1 Steckverbindung, 6-fach -T6ab-	1933
1.10 Schalter für Innenraumüberwachung -E183-	1934
1.10.1 Steckverbindung, 4-fach -T4ar-	1934
1.11 Fensterheberschalter in Fahrertür -E189-	1935
1.11.1 Steckverbindung, 4-fach -T4hy-	1935
1.12 Schlüsselschalter für Abschaltung des Airbags Beifahrerseite -E224-	1936
1.12.1 Steckverbindung, 6-fach -T6jj-	1936
1.13 Taster für ASR und elektronische Stabilisierungsprogramm -E256-	1937
1.13.1 Steckverbindung, 6-fach -T6pt-	1937
1.14 Taster für Innenverriegelung hinten rechts -E311-	1938
1.14.1 Steckverbindung, 6-fach -T6is-	1938
1.15 Schalter für Innenbeleuchtung -E317-	1939
1.15.1 Steckverbindung, 4-fach -T4fy-	1939
1.16 Bedienungseinheit für Multimediasystem -E380-	1940-1941
1.16.1 Steckverbindung, 5-fach -T5dc-	1940
1.16.2 Steckverbindung, 12-fach -T12ta-	1941
1.17 Bedienungs- und Anzeigeeinheit für Zusatzheizung -E407-	1942
1.17.1 Steckverbindung, 2-fach -T2zd-	1942
1.18 Taster für Unfalldatenspeicher -E497-	1943
1.18.1 Steckverbindung, 5-fach -T5m-	1943
1.19 Alarmdrehschalter -E503-	1944
1.19.1 Steckverbindung, 10-fach -T10bk-	1944
1.20 Taster für Zentralverriegelung -E609-	1944
1.20.1 Steckverbindung, 4-fach -T4lf-	1944
1.21 Taster für Massageaktion Fahrerseite -E670-	1944
1.21.1 Steckverbindung, 4-fach -T4gx-	1945
1.22 Taster für Massagefunktion Beifahrerseite -E671-	1946
1.22.1 Steckverbindung, 4-fach -T4gj-	1946
1.23 Tastermodul für Telematik -E734-	1947
1.23.1 Steckverbindung, 6-fach -T6bh-	1947
1.24 Schalter für Verstellung der Lendenwirbelstütze vornlinks -E752-	1948
1.24.1 Steckverbindung, 6-fach -T6cc-	1948
1.25 Schalter für Verstellung der Lendenwirbelstütze vornrechts -E753-	1949
1.25.1 Steckverbindung, 6-fach -T6ck-	1949
1.26 Zusatzanzeige- und Bedienungseinheit 1 -E857-	1950
1.26.1 Steckverbindung, 6-fach -T6hi-	1950
1.27 Gurtschalter Mitte, 1. Sitzreihe -E953-	1951
1.27.1 Steckverbindung, 2-fach -T2ai-	1951
1.28 Schalter 1 für Wasserpumpe mit Frischwasser -E962-	1952
1.28.1 Steckverbindung, 2-fach -T2ze-	1952
1.29 Schalter 2 für Wasserpumpe mit Frischwasser -E963-	1953
1.29.1 Steckverbindung, 2-fach -T2zg-	1953
1.30 Lichtdrehschalter -EX1-	1954
1.30.1 Steckverbindung, 10-fach -T10aa-	1954
1.31 Warnblinklichtschalter -EX3-	1955
1.31.1 Steckverbindung, 6-fach -T6ds-	1955
1.32 Außenspiegelverstellung -EX11-	1956
1.32.1 Steckverbindung, 8-fach -T8cv-	1956
1.33 Heizungs-/Klimabedienung -EX21-	1957-1958
1.33.1 Steckverbindung, 10-fach -T10cv-	1957
1.33.2 Steckverbindung, 16-fach -T16p-	1958
1.33.3 Steckverbindung, 20-fach -T20s-	1958
1.34 Schaltermodul Schalttafel Mitte -EX22-	1959
1.34.1 Steckverbindung, 10-fach -T10agg-	1959
1.35 Schaltermodul 2 Schalttafel Mitte -EX35-	1960-1961
1.35.1 Steckverbindung, 10-fach -T10ap-	1960
1.35.2 Steckverbindung, 10-fach -T10ah-	1961
1.36 Schaltermodul Schalttafel links -EX41-	1962
1.36.1 Steckverbindung, 10-fach -T10ah-	1962
1.37 Schaltermodul 1 Schalttafel, neben Lenkrad -EX43-	1963
1.37.1 Steckverbindung, 10-fach -T10en-	1963
1.38 Schaltermodul 2 Schalttafel, neben Lenkrad -EX44-	1964
1.38.1 Steckverbindung, 10-fach -T10em-	1964
1.39 Schaltermodul 3 Schalttafel Mitte -EX48-	1965-1966
1.39.1 Steckverbindung, 10-fach -T10ac-	1965
1.39.2 Steckverbindung, 10-fach -T10ad-	1966
1.40 Schaltermodul 4 Schalttafel links -EX49-	1966-1968
1.40.1 Steckverbindung, 10-fach -T10af-	1966
1.40.2 Steckverbindung, 10-fach -T10ah-	1967
1.40.3 Steckverbindung, 10-fach -T10ai-	1968
1.41 Schaltermodul 1 auf der Schalttafel Mitte -EX50-	1969-1970
1.41.1 Steckverbindung, 10-fach -T10bn-	1969
1.41.2 Steckverbindung, 10-fach -T10bo-	1970
832 - Steckeransichten: Teile mit Präfix F - 3	1971-1982
1. Steckeransichten: Teile mit Präfix F	1971-1982
1.1 Bremslichtschalter -F-	1971
1.1.1 Steckverbindung, 4-fach -T4ei-	1971
1.2 Öldruckschalter -F1-	1972
1.2.1 Steckverbindung, 2-fach -T2n-	1972
1.3 Schalter für Rückfahrleuchten -F4-	1973
1.3.1 Steckverbindung, 2-fach -T2m-	1973
1.4 Schalter für Handbremskontrolle -F9-	1974
1.4.1 Steckverbindung, 2-fach -T2ma-	1974
1.5 Warnkontakt für Bremsflüssigkeitsstand -F34-	1974
1.5.1 Steckverbindung, 2-fach -T2iq-	1974
1.6 Kontaktleiste in Schiebetür rechts -F352-	1975-1976
1.6.1 Steckverbindung, 6-fach -T6bn-	1975
1.6.2 Steckverbindung, 6-fach -T6bo-	1976
1.7 Kontaktleiste in Schiebetür links -F353-	1977
1.7.1 Steckverbindung, 6-fach -T6bh-	1977
